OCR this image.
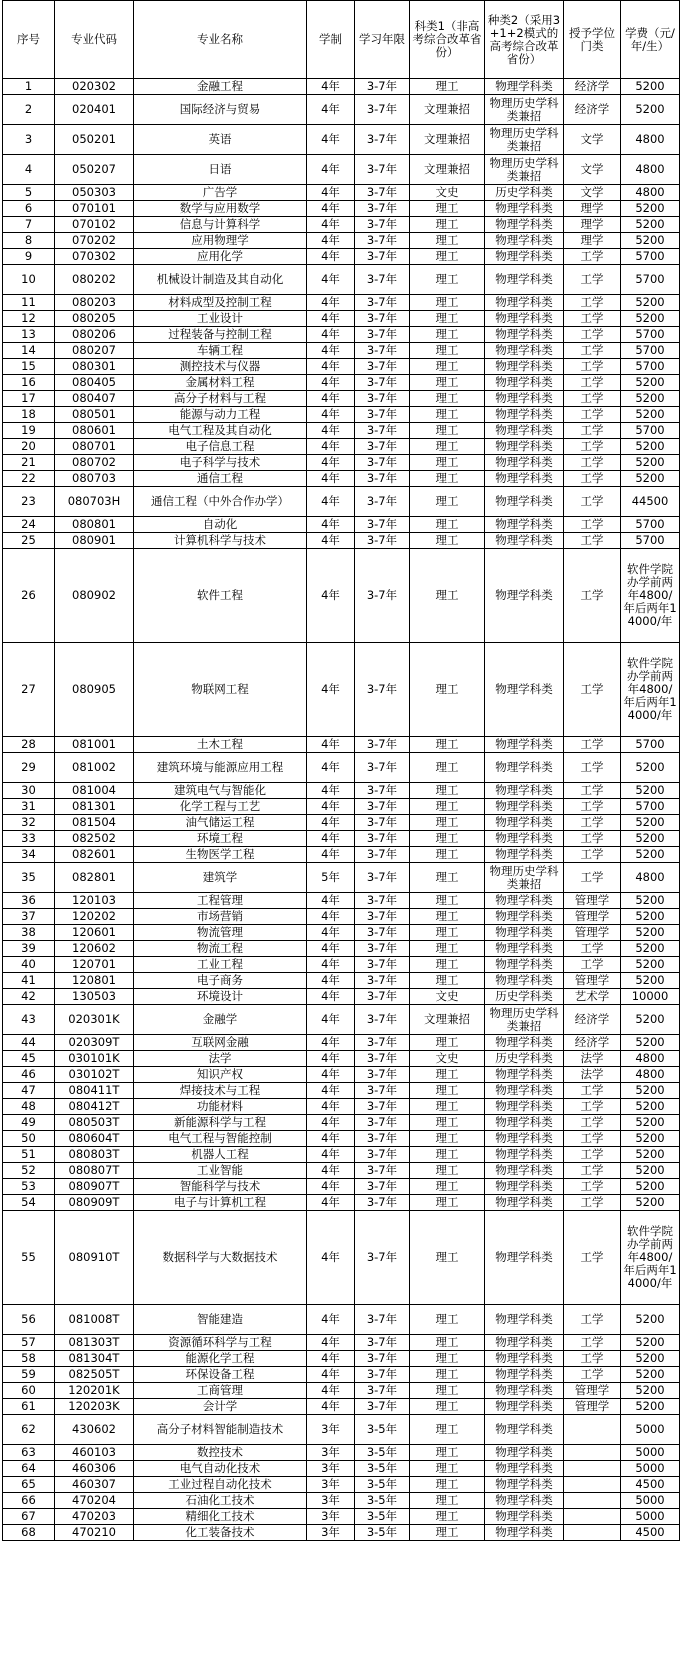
序号	专业代码	专业名称	学制	学习年限	科类1（非高考综合改革省份）	种类2（采用3+1+2模式的高考综合改革省份）	授予学位门类	学费（元/年/生）
1	020302	金融工程	4年	3-7年	理工	物理学科类	经济学	5200
2	020401	国际经济与贸易	4年	3-7年	文理兼招	物理历史学科类兼招	经济学	5200
3	050201	英语	4年	3-7年	文理兼招	物理历史学科类兼招	文学	4800
4	050207	日语	4年	3-7年	文理兼招	物理历史学科类兼招	文学	4800
5	050303	广告学	4年	3-7年	文史	历史学科类	文学	4800
6	070101	数学与应用数学	4年	3-7年	理工	物理学科类	理学	5200
7	070102	信息与计算科学	4年	3-7年	理工	物理学科类	理学	5200
8	070202	应用物理学	4年	3-7年	理工	物理学科类	理学	5200
9	070302	应用化学	4年	3-7年	理工	物理学科类	工学	5700
10	080202	机械设计制造及其自动化	4年	3-7年	理工	物理学科类	工学	5700
11	080203	材料成型及控制工程	4年	3-7年	理工	物理学科类	工学	5200
12	080205	工业设计	4年	3-7年	理工	物理学科类	工学	5200
13	080206	过程装备与控制工程	4年	3-7年	理工	物理学科类	工学	5700
14	080207	车辆工程	4年	3-7年	理工	物理学科类	工学	5700
15	080301	测控技术与仪器	4年	3-7年	理工	物理学科类	工学	5700
16	080405	金属材料工程	4年	3-7年	理工	物理学科类	工学	5200
17	080407	高分子材料与工程	4年	3-7年	理工	物理学科类	工学	5200
18	080501	能源与动力工程	4年	3-7年	理工	物理学科类	工学	5200
19	080601	电气工程及其自动化	4年	3-7年	理工	物理学科类	工学	5700
20	080701	电子信息工程	4年	3-7年	理工	物理学科类	工学	5200
21	080702	电子科学与技术	4年	3-7年	理工	物理学科类	工学	5200
22	080703	通信工程	4年	3-7年	理工	物理学科类	工学	5200
23	080703H	通信工程（中外合作办学）	4年	3-7年	理工	物理学科类	工学	44500
24	080801	自动化	4年	3-7年	理工	物理学科类	工学	5700
25	080901	计算机科学与技术	4年	3-7年	理工	物理学科类	工学	5700
26	080902	软件工程	4年	3-7年	理工	物理学科类	工学	软件学院办学前两年4800/年后两年14000/年
27	080905	物联网工程	4年	3-7年	理工	物理学科类	工学	软件学院办学前两年4800/年后两年14000/年
28	081001	土木工程	4年	3-7年	理工	物理学科类	工学	5700
29	081002	建筑环境与能源应用工程	4年	3-7年	理工	物理学科类	工学	5200
30	081004	建筑电气与智能化	4年	3-7年	理工	物理学科类	工学	5200
31	081301	化学工程与工艺	4年	3-7年	理工	物理学科类	工学	5700
32	081504	油气储运工程	4年	3-7年	理工	物理学科类	工学	5200
33	082502	环境工程	4年	3-7年	理工	物理学科类	工学	5200
34	082601	生物医学工程	4年	3-7年	理工	物理学科类	工学	5200
35	082801	建筑学	5年	3-7年	理工	物理历史学科类兼招	工学	4800
36	120103	工程管理	4年	3-7年	理工	物理学科类	管理学	5200
37	120202	市场营销	4年	3-7年	理工	物理学科类	管理学	5200
38	120601	物流管理	4年	3-7年	理工	物理学科类	管理学	5200
39	120602	物流工程	4年	3-7年	理工	物理学科类	工学	5200
40	120701	工业工程	4年	3-7年	理工	物理学科类	工学	5200
41	120801	电子商务	4年	3-7年	理工	物理学科类	管理学	5200
42	130503	环境设计	4年	3-7年	文史	历史学科类	艺术学	10000
43	020301K	金融学	4年	3-7年	文理兼招	物理历史学科类兼招	经济学	5200
44	020309T	互联网金融	4年	3-7年	理工	物理学科类	经济学	5200
45	030101K	法学	4年	3-7年	文史	历史学科类	法学	4800
46	030102T	知识产权	4年	3-7年	理工	物理学科类	法学	4800
47	080411T	焊接技术与工程	4年	3-7年	理工	物理学科类	工学	5200
48	080412T	功能材料	4年	3-7年	理工	物理学科类	工学	5200
49	080503T	新能源科学与工程	4年	3-7年	理工	物理学科类	工学	5200
50	080604T	电气工程与智能控制	4年	3-7年	理工	物理学科类	工学	5200
51	080803T	机器人工程	4年	3-7年	理工	物理学科类	工学	5200
52	080807T	工业智能	4年	3-7年	理工	物理学科类	工学	5200
53	080907T	智能科学与技术	4年	3-7年	理工	物理学科类	工学	5200
54	080909T	电子与计算机工程	4年	3-7年	理工	物理学科类	工学	5200
55	080910T	数据科学与大数据技术	4年	3-7年	理工	物理学科类	工学	软件学院办学前两年4800/年后两年14000/年
56	081008T	智能建造	4年	3-7年	理工	物理学科类	工学	5200
57	081303T	资源循环科学与工程	4年	3-7年	理工	物理学科类	工学	5200
58	081304T	能源化学工程	4年	3-7年	理工	物理学科类	工学	5200
59	082505T	环保设备工程	4年	3-7年	理工	物理学科类	工学	5200
60	120201K	工商管理	4年	3-7年	理工	物理学科类	管理学	5200
61	120203K	会计学	4年	3-7年	理工	物理学科类	管理学	5200
62	430602	高分子材料智能制造技术	3年	3-5年	理工	物理学科类		5000
63	460103	数控技术	3年	3-5年	理工	物理学科类		5000
64	460306	电气自动化技术	3年	3-5年	理工	物理学科类		5000
65	460307	工业过程自动化技术	3年	3-5年	理工	物理学科类		4500
66	470204	石油化工技术	3年	3-5年	理工	物理学科类		5000
67	470203	精细化工技术	3年	3-5年	理工	物理学科类		5000
68	470210	化工装备技术	3年	3-5年	理工	物理学科类		4500
